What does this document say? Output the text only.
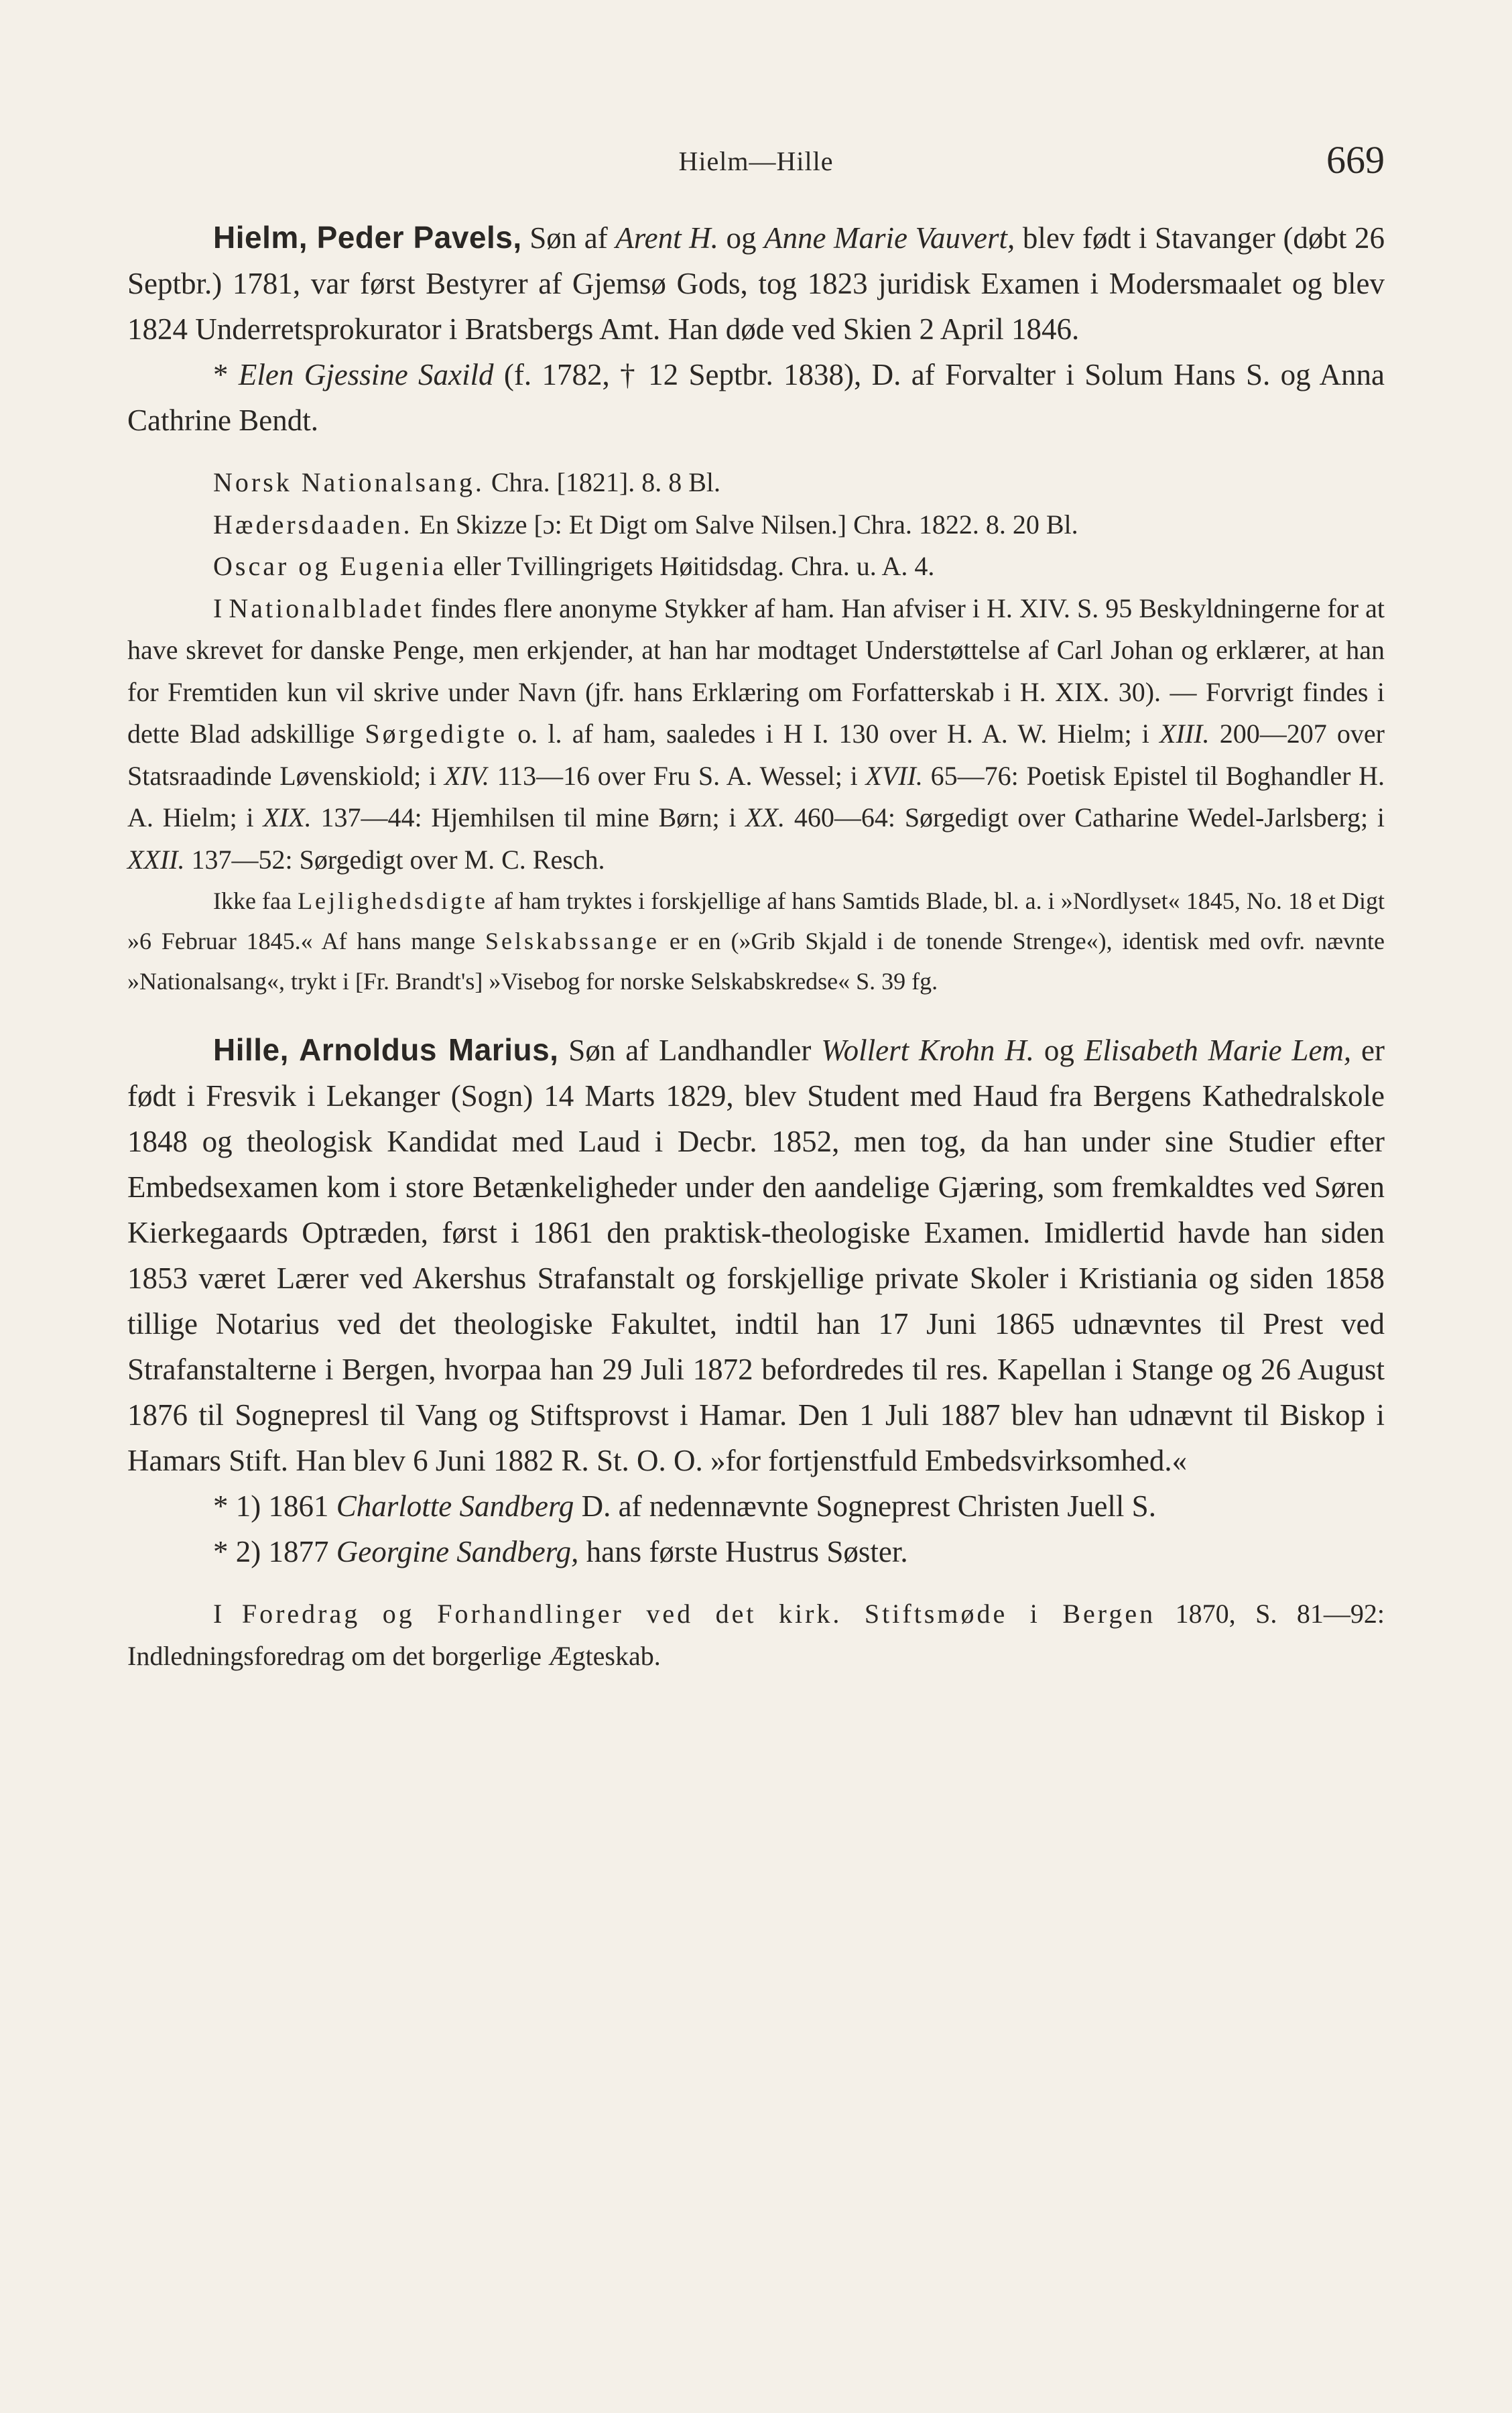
Hielm—Hille	669

Hielm, Peder Pavels, Søn af Arent H. og Anne Marie Vauvert, blev født i Stavanger (døbt 26 Septbr.) 1781, var først Bestyrer af Gjemsø Gods, tog 1823 juridisk Examen i Modersmaalet og blev 1824 Underretsprokurator i Bratsbergs Amt. Han døde ved Skien 2 April 1846.

* Elen Gjessine Saxild (f. 1782, † 12 Septbr. 1838), D. af Forvalter i Solum Hans S. og Anna Cathrine Bendt.

Norsk Nationalsang. Chra. [1821]. 8. 8 Bl.

Hædersdaaden. En Skizze [ɔ: Et Digt om Salve Nilsen.] Chra. 1822. 8. 20 Bl.

Oscar og Eugenia eller Tvillingrigets Høitidsdag. Chra. u. A. 4.

I Nationalbladet findes flere anonyme Stykker af ham. Han afviser i H. XIV. S. 95 Beskyldningerne for at have skrevet for danske Penge, men erkjender, at han har modtaget Understøttelse af Carl Johan og erklærer, at han for Fremtiden kun vil skrive under Navn (jfr. hans Erklæring om Forfatterskab i H. XIX. 30). — Forvrigt findes i dette Blad adskillige Sørgedigte o. l. af ham, saaledes i H I. 130 over H. A. W. Hielm; i XIII. 200—207 over Statsraadinde Løvenskiold; i XIV. 113—16 over Fru S. A. Wessel; i XVII. 65—76: Poetisk Epistel til Boghandler H. A. Hielm; i XIX. 137—44: Hjemhilsen til mine Børn; i XX. 460—64: Sørgedigt over Catharine Wedel-Jarlsberg; i XXII. 137—52: Sørgedigt over M. C. Resch.

Ikke faa Lejlighedsdigte af ham tryktes i forskjellige af hans Samtids Blade, bl. a. i »Nordlyset« 1845, No. 18 et Digt »6 Februar 1845.« Af hans mange Selskabssange er en (»Grib Skjald i de tonende Strenge«), identisk med ovfr. nævnte »Nationalsang«, trykt i [Fr. Brandt's] »Visebog for norske Selskabskredse« S. 39 fg.

Hille, Arnoldus Marius, Søn af Landhandler Wollert Krohn H. og Elisabeth Marie Lem, er født i Fresvik i Lekanger (Sogn) 14 Marts 1829, blev Student med Haud fra Bergens Kathedralskole 1848 og theologisk Kandidat med Laud i Decbr. 1852, men tog, da han under sine Studier efter Embedsexamen kom i store Betænkeligheder under den aandelige Gjæring, som fremkaldtes ved Søren Kierkegaards Optræden, først i 1861 den praktisk-theologiske Examen. Imidlertid havde han siden 1853 været Lærer ved Akershus Strafanstalt og forskjellige private Skoler i Kristiania og siden 1858 tillige Notarius ved det theologiske Fakultet, indtil han 17 Juni 1865 udnævntes til Prest ved Strafanstalterne i Bergen, hvorpaa han 29 Juli 1872 befordredes til res. Kapellan i Stange og 26 August 1876 til Sognepresl til Vang og Stiftsprovst i Hamar. Den 1 Juli 1887 blev han udnævnt til Biskop i Hamars Stift. Han blev 6 Juni 1882 R. St. O. O. »for fortjenstfuld Embedsvirksomhed.«

* 1) 1861 Charlotte Sandberg D. af nedennævnte Sogneprest Christen Juell S.

* 2) 1877 Georgine Sandberg, hans første Hustrus Søster.

I Foredrag og Forhandlinger ved det kirk. Stiftsmøde i Bergen 1870, S. 81—92: Indledningsforedrag om det borgerlige Ægteskab.
